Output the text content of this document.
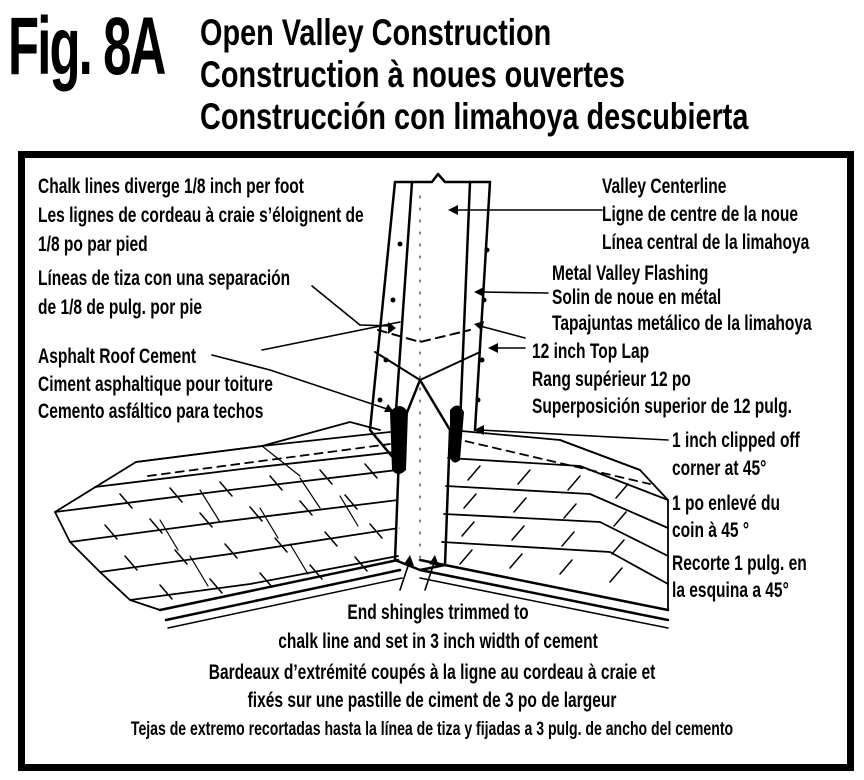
Fig. 8A Open Valley Construction
Construction à noues ouvertes
Construcción con limahoya descubierta
Chalk lines diverge 1/8 inch per foot
Les lignes de cordeau à craie s’éloignent de
1/8 po par pied
Líneas de tiza con una separación
de 1/8 de pulg. por pie
Valley Centerline
Ligne de centre de la noue
Línea central de la limahoya
Metal Valley Flashing
Solin de noue en métal
Tapajuntas metálico de la limahoya
Asphalt Roof Cement
Ciment asphaltique pour toiture
Cemento asfáltico para techos
12 inch Top Lap
Rang supérieur 12 po
Superposición superior de 12 pulg.
1 inch clipped off
corner at 45°
1 po enlevé du
coin à 45 °
Recorte 1 pulg. en
la esquina a 45°
End shingles trimmed to
chalk line and set in 3 inch width of cement
Bardeaux d’extrémité coupés à la ligne au cordeau à craie et
fixés sur une pastille de ciment de 3 po de largeur
Tejas de extremo recortadas hasta la línea de tiza y fijadas a 3 pulg. de ancho del cemento
